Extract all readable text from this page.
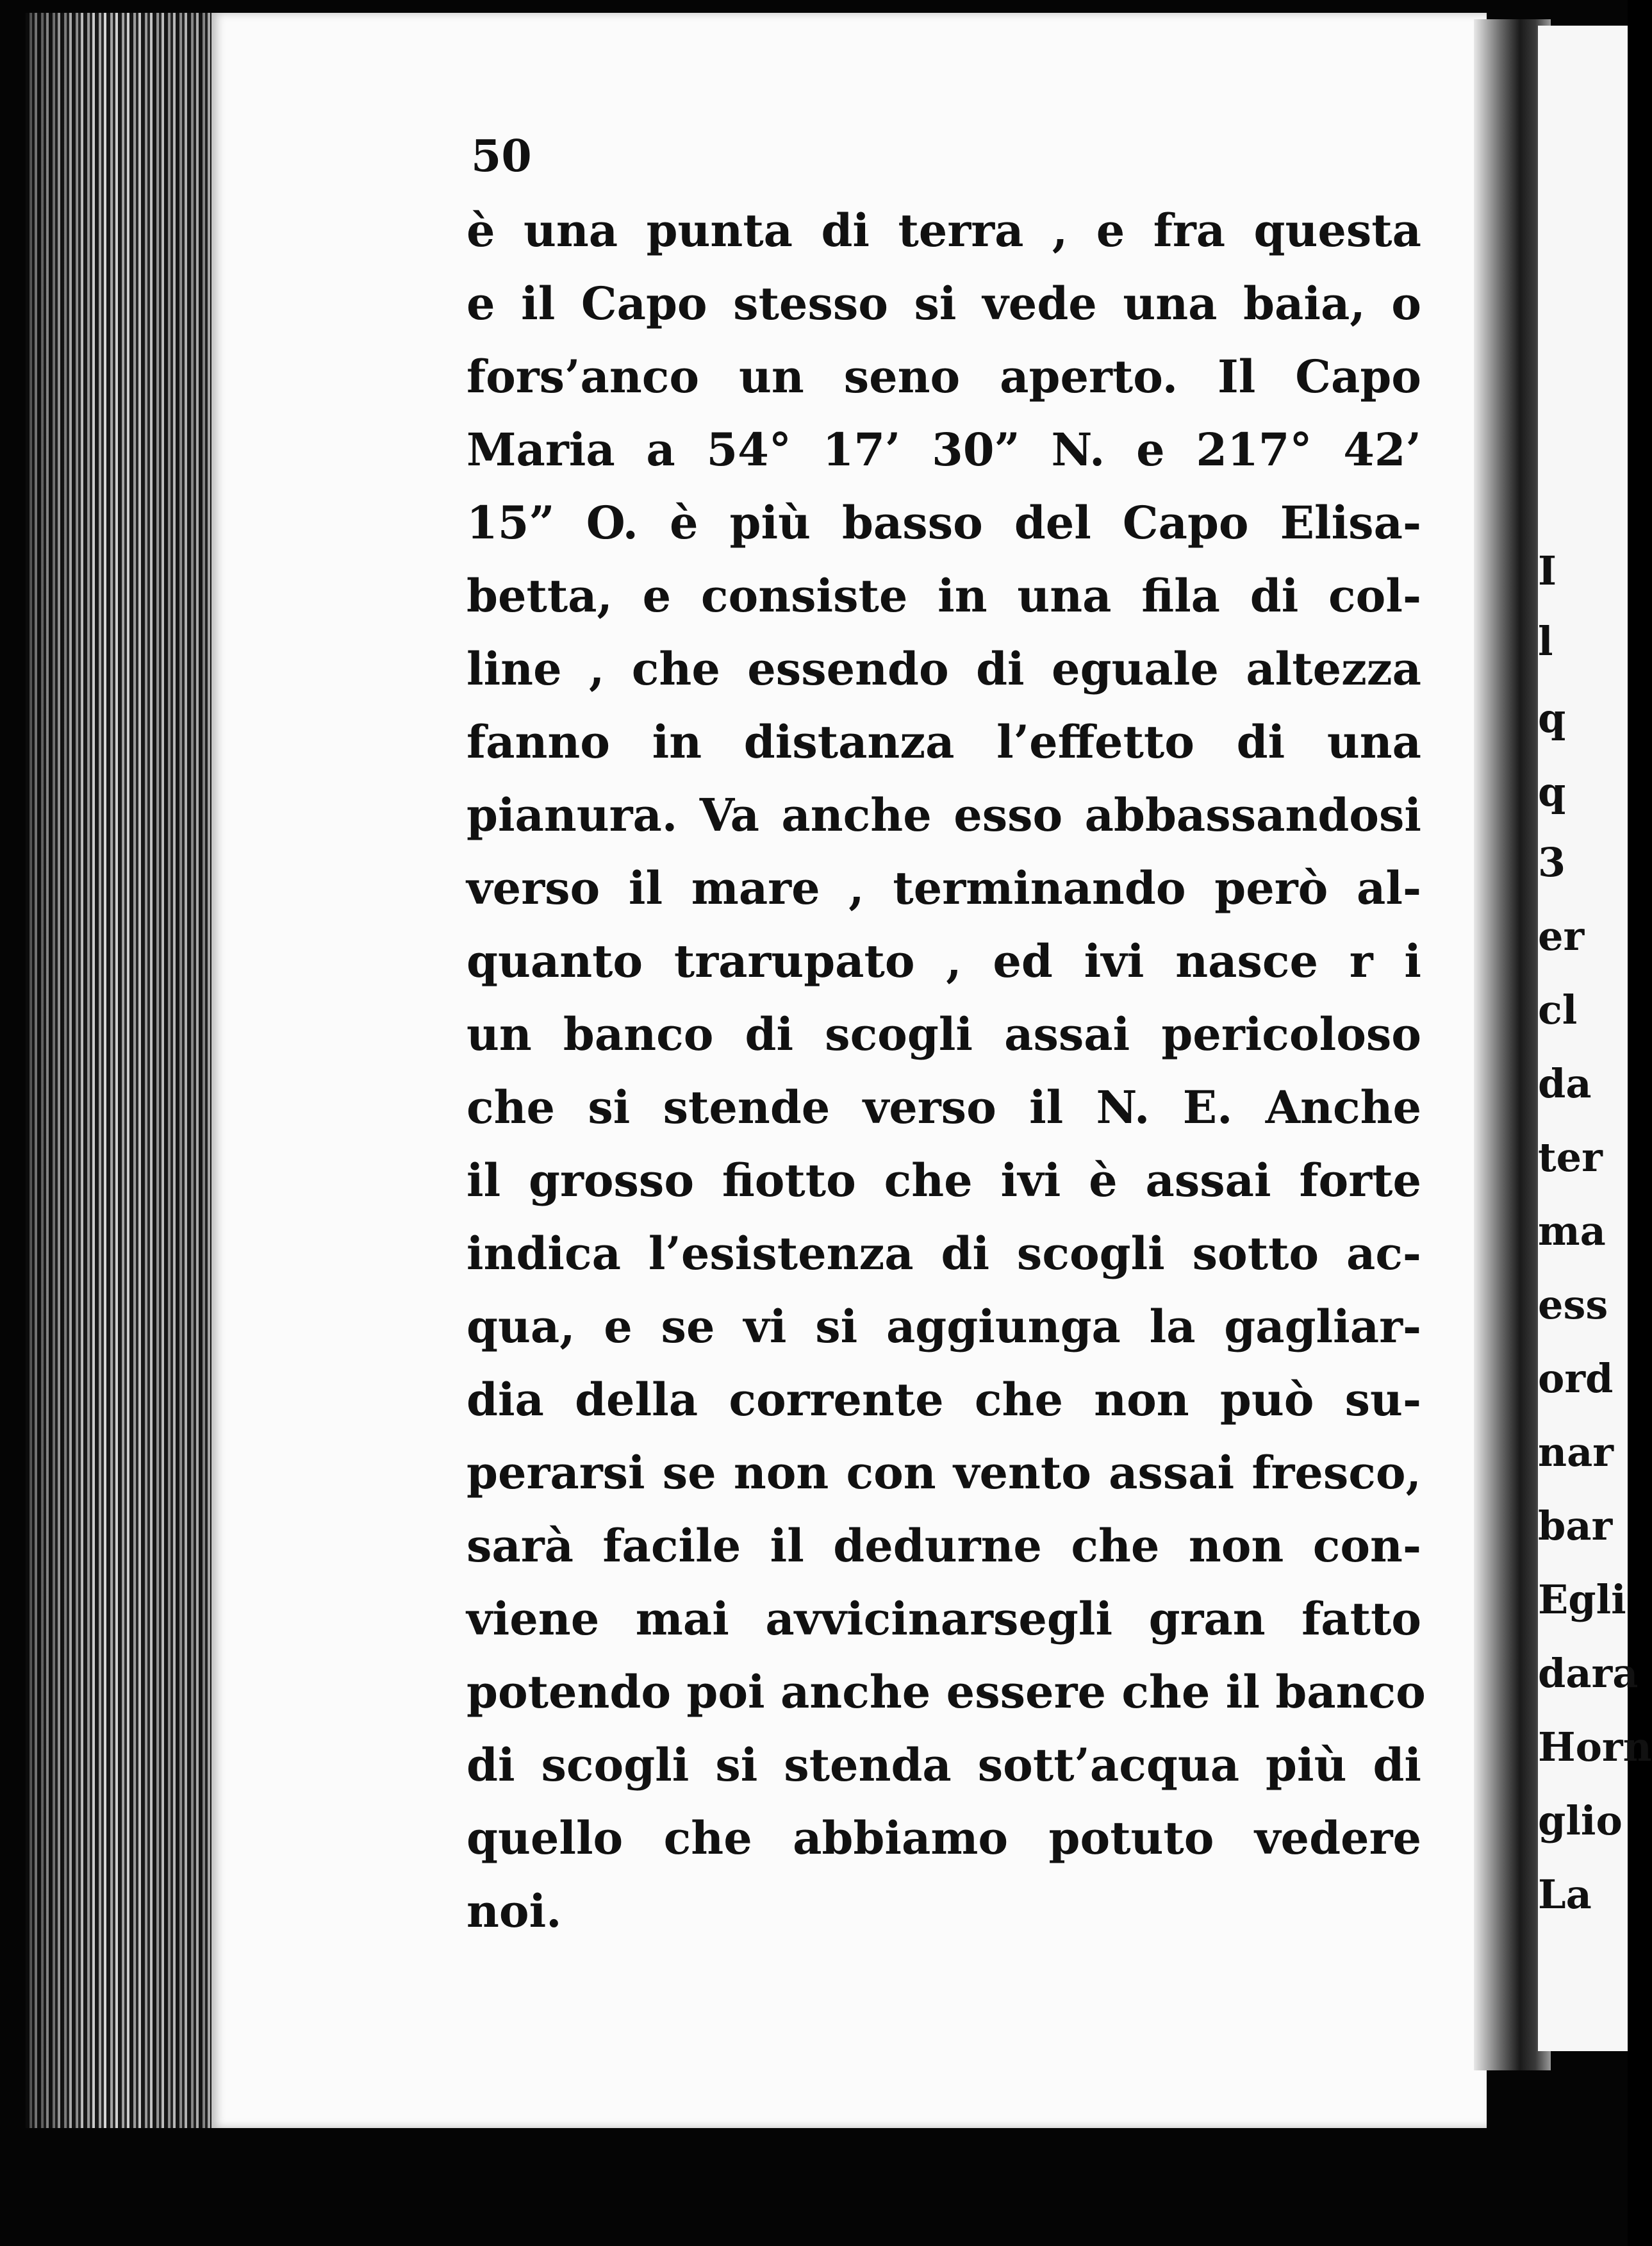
50
è una punta di terra , e fra questa
e il Capo stesso si vede una baia, o
fors’anco un seno aperto. Il Capo
Maria a 54° 17’ 30” N. e 217° 42’
15” O. è più basso del Capo Elisa-
betta, e consiste in una fila di col-
line , che essendo di eguale altezza
fanno in distanza l’effetto di una
pianura. Va anche esso abbassandosi
verso il mare , terminando però al-
quanto trarupato , ed ivi nasce r i
un banco di scogli assai pericoloso
che si stende verso il N. E. Anche
il grosso fiotto che ivi è assai forte
indica l’esistenza di scogli sotto ac-
qua, e se vi si aggiunga la gagliar-
dia della corrente che non può su-
perarsi se non con vento assai fresco,
sarà facile il dedurne che non con-
viene mai avvicinarsegli gran fatto
potendo poi anche essere che il banco
di scogli si stenda sott’acqua più di
quello che abbiamo potuto vedere
noi.
I
l
q
q
3
er
cl
da
ter
ma
ess
ord
nar
bar
Egli
dara
Horn
glio
La
